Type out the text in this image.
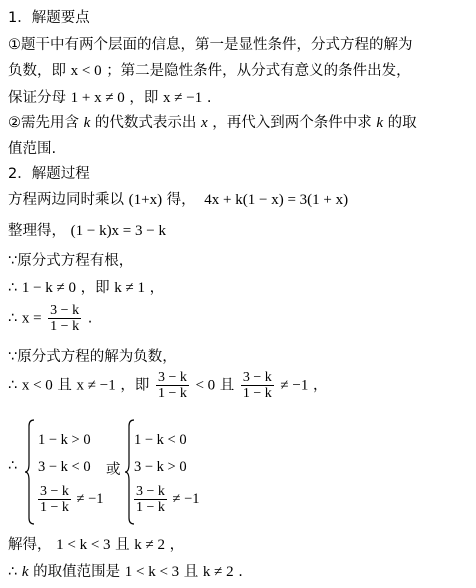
1．解题要点
①题干中有两个层面的信息，第一是显性条件，分式方程的解为
负数，即 x < 0 ；第二是隐性条件，从分式有意义的条件出发，
保证分母 1 + x ≠ 0 ，即 x ≠ −1 .
②需先用含 k 的代数式表示出 x ，再代入到两个条件中求 k 的取
值范围.
2．解题过程
方程两边同时乘以 (1+x) 得， 4x + k(1 − x) = 3(1 + x)
整理得， (1 − k)x = 3 − k
∵原分式方程有根，
∴ 1 − k ≠ 0 ，即 k ≠ 1 ，
∴ $x = \frac{3 - k}{1 - k}$ .
∵原分式方程的解为负数，
∴ x < 0 且 x ≠ −1 ，即 $\frac{3 - k}{1 - k} < 0$ 且 $\frac{3 - k}{1 - k} \ne -1$ ，
∴
1 − k > 0
3 − k < 0
$\frac{3 - k}{1 - k} \ne -1$
或
1 − k < 0
3 − k > 0
$\frac{3 - k}{1 - k} \ne -1$
解得， 1 < k < 3 且 k ≠ 2 ，
∴ k 的取值范围是 1 < k < 3 且 k ≠ 2 .
